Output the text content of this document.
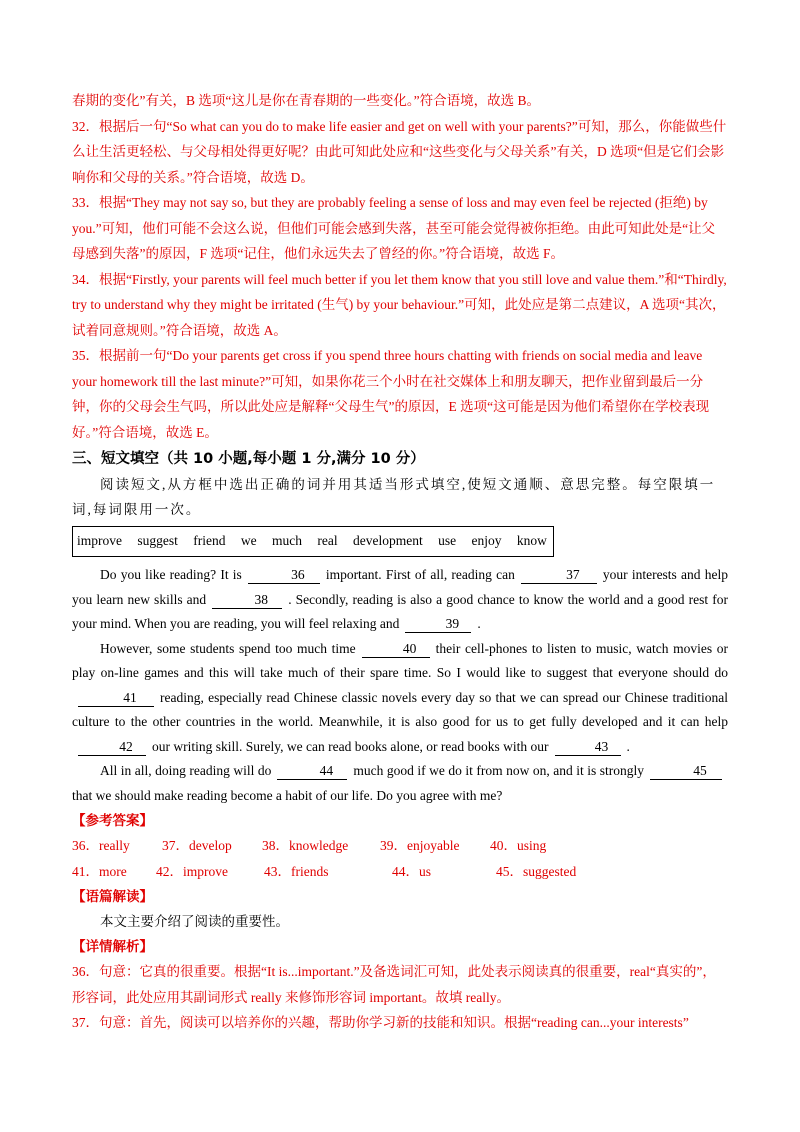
春期的变化”有关，B 选项“这儿是你在青春期的一些变化。”符合语境，故选 B。

32．根据后一句“So what can you do to make life easier and get on well with your parents?”可知，那么，你能做些什么让生活更轻松、与父母相处得更好呢？由此可知此处应和“这些变化与父母关系”有关，D 选项“但是它们会影响你和父母的关系。”符合语境，故选 D。

33．根据“They may not say so, but they are probably feeling a sense of loss and may even feel be rejected (拒绝) by you.”可知，他们可能不会这么说，但他们可能会感到失落，甚至可能会觉得被你拒绝。由此可知此处是“让父母感到失落”的原因，F 选项“记住，他们永远失去了曾经的你。”符合语境，故选 F。

34．根据“Firstly, your parents will feel much better if you let them know that you still love and value them.”和“Thirdly, try to understand why they might be irritated (生气) by your behaviour.”可知，此处应是第二点建议，A 选项“其次，试着同意规则。”符合语境，故选 A。

35．根据前一句“Do your parents get cross if you spend three hours chatting with friends on social media and leave your homework till the last minute?”可知，如果你花三个小时在社交媒体上和朋友聊天，把作业留到最后一分钟，你的父母会生气吗，所以此处应是解释“父母生气”的原因，E 选项“这可能是因为他们希望你在学校表现好。”符合语境，故选 E。

三、短文填空（共 10 小题,每小题 1 分,满分 10 分）

阅读短文,从方框中选出正确的词并用其适当形式填空,使短文通顺、意思完整。每空限填一词,每词限用一次。

improve suggest friend we much real development use enjoy know

Do you like reading? It is	36 important. First of all, reading can	37 your interests and help you learn new skills and	38 . Secondly, reading is also a good chance to know the world and a good rest for your mind. When you are reading, you will feel relaxing and	39 .

However, some students spend too much time	40 their cell-phones to listen to music, watch movies or play on-line games and this will take much of their spare time. So I would like to suggest that everyone should do41 reading, especially read Chinese classic novels every day so that we can spread our Chinese traditional culture to the other countries in the world. Meanwhile, it is also good for us to get fully developed and it can help42 our writing skill. Surely, we can read books alone, or read books with our	43 .

All in all, doing reading will do	44 much good if we do it from now on, and it is strongly	45that we should make reading become a habit of our life. Do you agree with me?

【参考答案】

36．really 37．develop 38．knowledge 39．enjoyable 40．using
41．more 42．improve	43．friends	44．us	45．suggested

【语篇解读】

本文主要介绍了阅读的重要性。

【详情解析】

36．句意：它真的很重要。根据“It is...important.”及备选词汇可知，此处表示阅读真的很重要，real“真实的”，形容词，此处应用其副词形式 really 来修饰形容词 important。故填 really。

37．句意：首先，阅读可以培养你的兴趣，帮助你学习新的技能和知识。根据“reading can...your interests”
